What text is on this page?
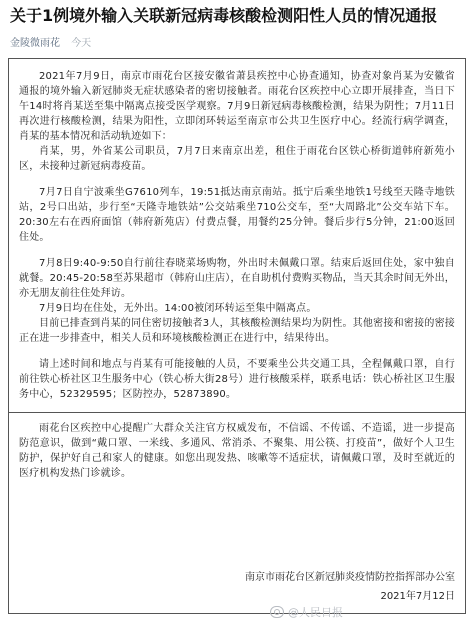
关于1例境外输入关联新冠病毒核酸检测阳性人员的情况通报
金陵微雨花 今天

2021年7月9日，南京市雨花台区接安徽省萧县疾控中心协查通知，协查对象肖某为安徽省通报的境外输入新冠肺炎无症状感染者的密切接触者。雨花台区疾控中心立即开展排查，当日下午14时将肖某送至集中隔离点接受医学观察。7月9日新冠病毒核酸检测，结果为阴性；7月11日再次进行核酸检测，结果为阳性，立即闭环转运至南京市公共卫生医疗中心。经流行病学调查，肖某的基本情况和活动轨迹如下：

肖某，男，外省某公司职员，7月7日来南京出差，租住于雨花台区铁心桥街道韩府新苑小区，未接种过新冠病毒疫苗。

7月7日自宁波乘坐G7610列车，19:51抵达南京南站。抵宁后乘坐地铁1号线至天隆寺地铁站，2号口出站，步行至“天隆寺地铁站”公交站乘坐710公交车，至“大周路北”公交车站下车。20:30左右在西府面馆（韩府新苑店）付费点餐，用餐约25分钟。餐后步行5分钟，21:00返回住处。

7月8日9:40-9:50自行前往春晓菜场购物，外出时未佩戴口罩。结束后返回住处，家中独自就餐。20:45-20:58至苏果超市（韩府山庄店），在自助机付费购买物品，当天其余时间无外出，亦无朋友前往住处拜访。

7月9日均在住处，无外出。14:00被闭环转运至集中隔离点。

目前已排查到肖某的同住密切接触者3人，其核酸检测结果均为阴性。其他密接和密接的密接正在进一步排查中，相关人员和环境核酸检测正在进行中，结果待出。

请上述时间和地点与肖某有可能接触的人员，不要乘坐公共交通工具，全程佩戴口罩，自行前往铁心桥社区卫生服务中心（铁心桥大街28号）进行核酸采样，联系电话：铁心桥社区卫生服务中心，52329595；区防控办，52873890。

雨花台区疾控中心提醒广大群众关注官方权威发布，不信谣、不传谣、不造谣，进一步提高防范意识，做到“戴口罩、一米线、多通风、常消杀、不聚集、用公筷、打疫苗”，做好个人卫生防护，保护好自己和家人的健康。如您出现发热、咳嗽等不适症状，请佩戴口罩，及时至就近的医疗机构发热门诊就诊。

南京市雨花台区新冠肺炎疫情防控指挥部办公室
2021年7月12日
@人民日报
